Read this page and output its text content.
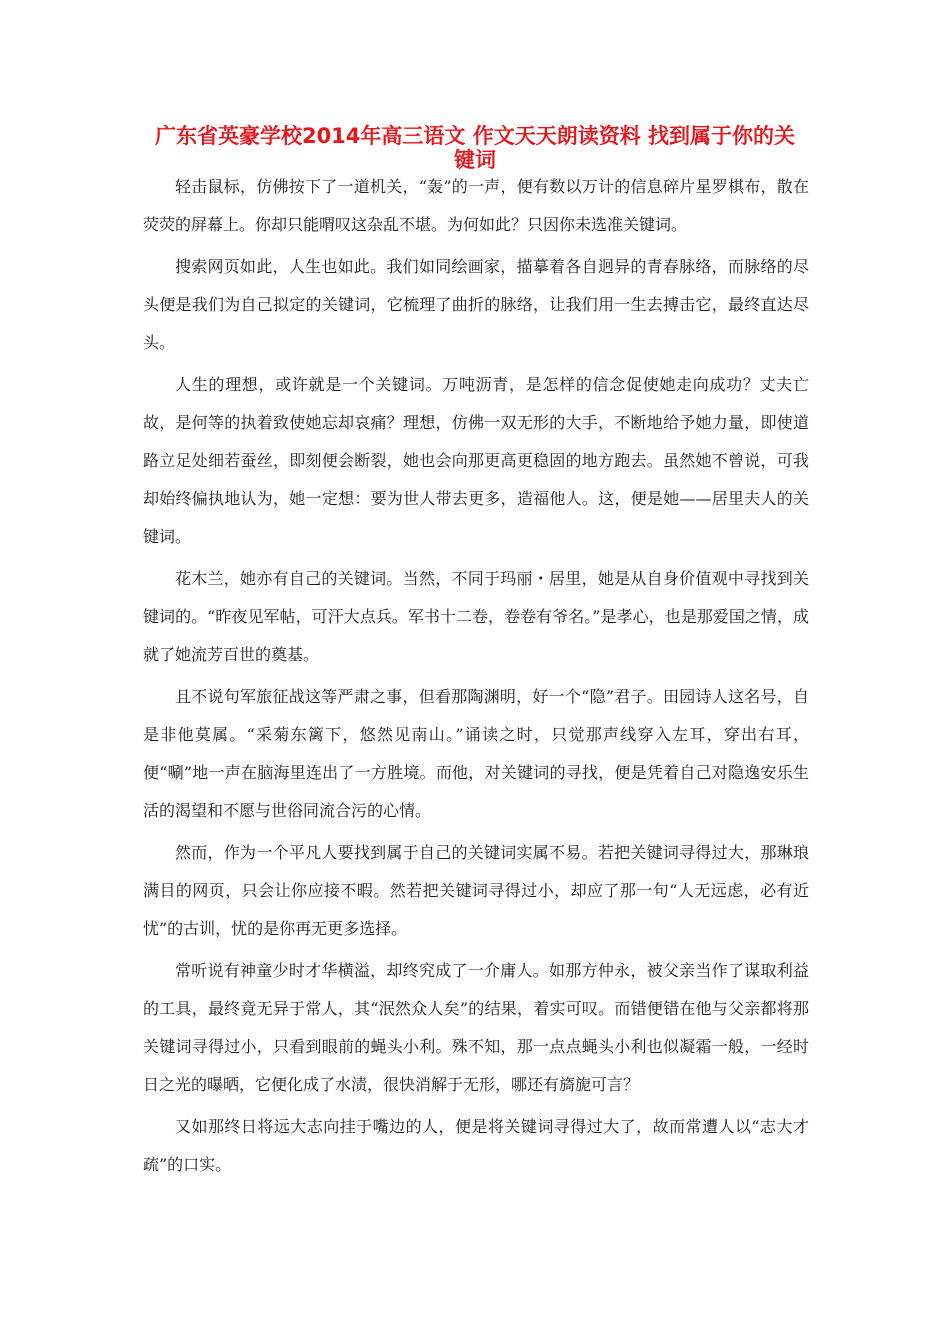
广东省英豪学校2014年高三语文 作文天天朗读资料 找到属于你的关键词

轻击鼠标，仿佛按下了一道机关，“轰”的一声，便有数以万计的信息碎片星罗棋布，散在荧荧的屏幕上。你却只能喟叹这杂乱不堪。为何如此？只因你未选准关键词。

搜索网页如此，人生也如此。我们如同绘画家，描摹着各自迥异的青春脉络，而脉络的尽头便是我们为自己拟定的关键词，它梳理了曲折的脉络，让我们用一生去搏击它，最终直达尽头。

人生的理想，或许就是一个关键词。万吨沥青，是怎样的信念促使她走向成功？丈夫亡故，是何等的执着致使她忘却哀痛？理想，仿佛一双无形的大手，不断地给予她力量，即使道路立足处细若蚕丝，即刻便会断裂，她也会向那更高更稳固的地方跑去。虽然她不曾说，可我却始终偏执地认为，她一定想：要为世人带去更多，造福他人。这，便是她——居里夫人的关键词。

花木兰，她亦有自己的关键词。当然，不同于玛丽・居里，她是从自身价值观中寻找到关键词的。“昨夜见军帖，可汗大点兵。军书十二卷，卷卷有爷名。”是孝心，也是那爱国之情，成就了她流芳百世的奠基。

且不说句军旅征战这等严肃之事，但看那陶渊明，好一个“隐”君子。田园诗人这名号，自是非他莫属。“采菊东篱下，悠然见南山。”诵读之时，只觉那声线穿入左耳，穿出右耳，便“唰”地一声在脑海里连出了一方胜境。而他，对关键词的寻找，便是凭着自己对隐逸安乐生活的渴望和不愿与世俗同流合污的心情。

然而，作为一个平凡人要找到属于自己的关键词实属不易。若把关键词寻得过大，那琳琅满目的网页，只会让你应接不暇。然若把关键词寻得过小，却应了那一句“人无远虑，必有近忧”的古训，忧的是你再无更多选择。

常听说有神童少时才华横溢，却终究成了一介庸人。如那方仲永，被父亲当作了谋取利益的工具，最终竟无异于常人，其“泯然众人矣”的结果，着实可叹。而错便错在他与父亲都将那关键词寻得过小，只看到眼前的蝇头小利。殊不知，那一点点蝇头小利也似凝霜一般，一经时日之光的曝晒，它便化成了水渍，很快消解于无形，哪还有旖旎可言？

又如那终日将远大志向挂于嘴边的人，便是将关键词寻得过大了，故而常遭人以“志大才疏”的口实。
